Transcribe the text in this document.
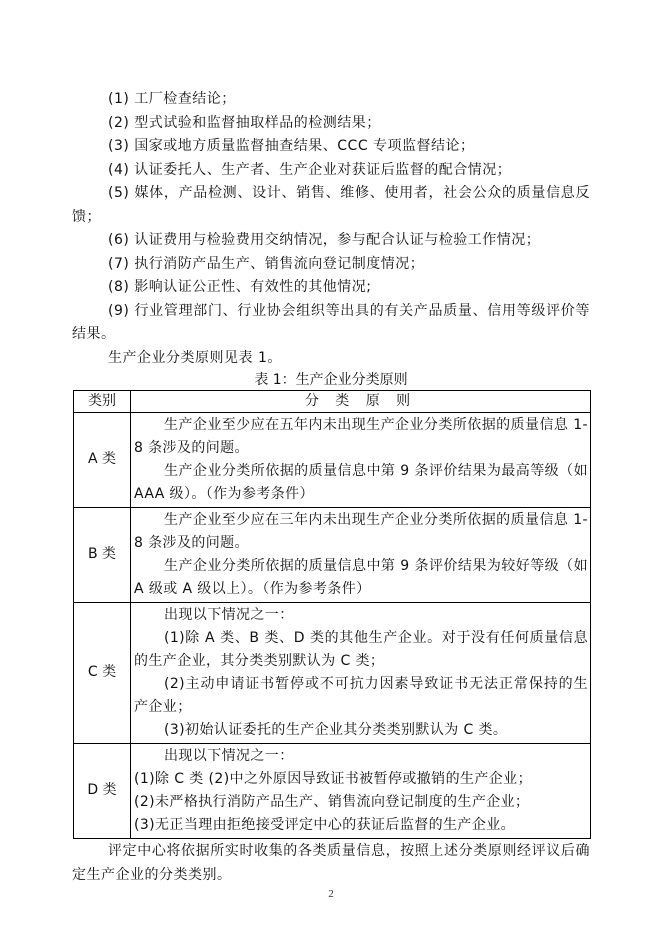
(1) 工厂检查结论；

(2) 型式试验和监督抽取样品的检测结果；

(3) 国家或地方质量监督抽查结果、CCC 专项监督结论；

(4) 认证委托人、生产者、生产企业对获证后监督的配合情况；

(5) 媒体，产品检测、设计、销售、维修、使用者，社会公众的质量信息反馈；

(6) 认证费用与检验费用交纳情况，参与配合认证与检验工作情况；

(7) 执行消防产品生产、销售流向登记制度情况；

(8) 影响认证公正性、有效性的其他情况;

(9) 行业管理部门、行业协会组织等出具的有关产品质量、信用等级评价等结果。

生产企业分类原则见表 1。

表 1：生产企业分类原则

类别	分 类 原 则
A 类	生产企业至少应在五年内未出现生产企业分类所依据的质量信息 1-8 条涉及的问题。

生产企业分类所依据的质量信息中第 9 条评价结果为最高等级（如 AAA 级）。（作为参考条件）

B 类	生产企业至少应在三年内未出现生产企业分类所依据的质量信息 1-8 条涉及的问题。

生产企业分类所依据的质量信息中第 9 条评价结果为较好等级（如 A 级或 A 级以上）。（作为参考条件）

C 类	出现以下情况之一：

(1)除 A 类、B 类、D 类的其他生产企业。对于没有任何质量信息的生产企业，其分类类别默认为 C 类；

(2)主动申请证书暂停或不可抗力因素导致证书无法正常保持的生产企业；

(3)初始认证委托的生产企业其分类类别默认为 C 类。

D 类	出现以下情况之一：

(1)除 C 类 (2)中之外原因导致证书被暂停或撤销的生产企业；

(2)未严格执行消防产品生产、销售流向登记制度的生产企业；

(3)无正当理由拒绝接受评定中心的获证后监督的生产企业。

评定中心将依据所实时收集的各类质量信息，按照上述分类原则经评议后确定生产企业的分类类别。

2
